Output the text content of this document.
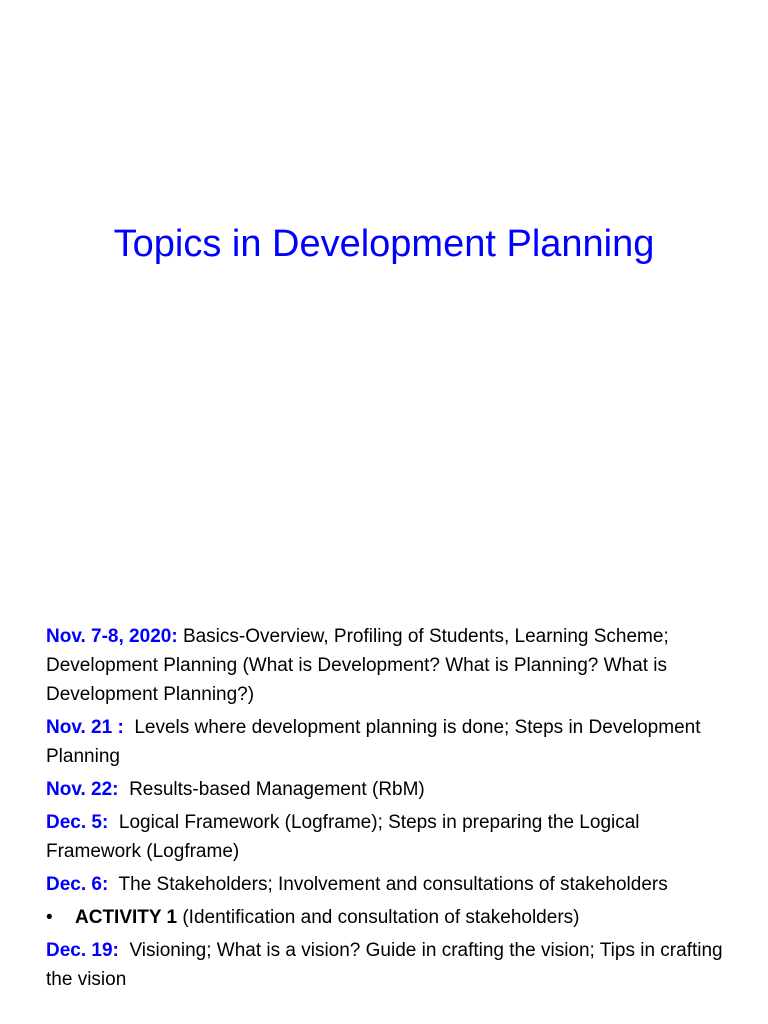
Topics in Development Planning

Nov. 7-8, 2020: Basics-Overview, Profiling of Students, Learning Scheme; Development Planning (What is Development? What is Planning? What is Development Planning?)

Nov. 21 : Levels where development planning is done; Steps in Development Planning

Nov. 22: Results-based Management (RbM)

Dec. 5: Logical Framework (Logframe); Steps in preparing the Logical Framework (Logframe)

Dec. 6: The Stakeholders; Involvement and consultations of stakeholders

• ACTIVITY 1 (Identification and consultation of stakeholders)

Dec. 19: Visioning; What is a vision? Guide in crafting the vision; Tips in crafting the vision
